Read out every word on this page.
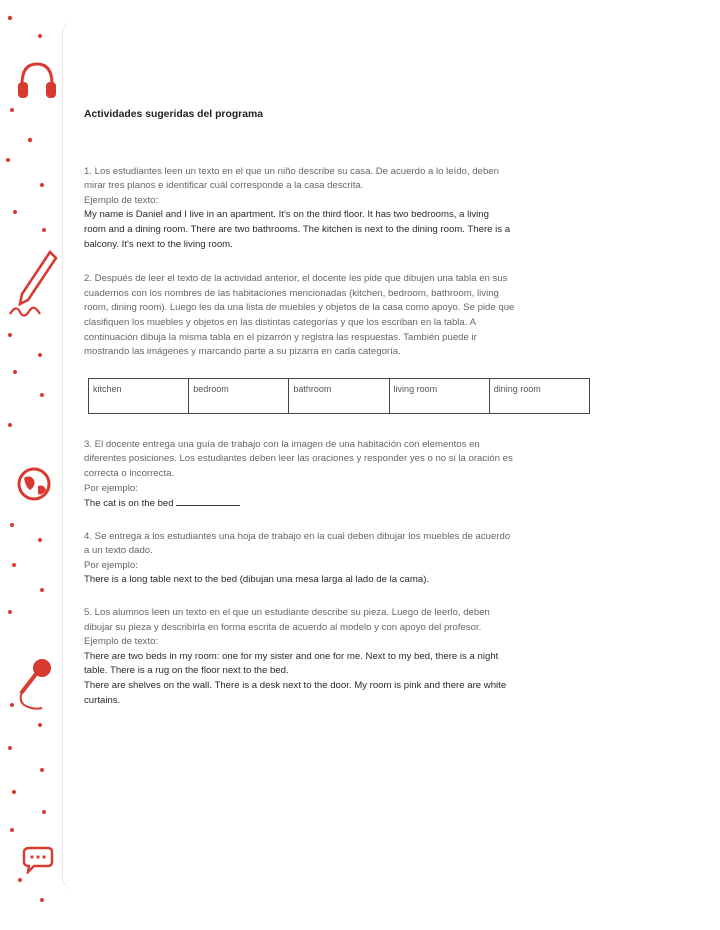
Actividades sugeridas del programa

1. Los estudiantes leen un texto en el que un niño describe su casa. De acuerdo a lo leído, deben

mirar tres planos e identificar cuál corresponde a la casa descrita.

Ejemplo de texto:

My name is Daniel and I live in an apartment. It's on the third floor. It has two bedrooms, a living

room and a dining room. There are two bathrooms. The kitchen is next to the dining room. There is a

balcony. It's next to the living room.

2. Después de leer el texto de la actividad anterior, el docente les pide que dibujen una tabla en sus

cuadernos con los nombres de las habitaciones mencionadas (kitchen, bedroom, bathroom, living

room, dining room). Luego les da una lista de muebles y objetos de la casa como apoyo. Se pide que

clasifiquen los muebles y objetos en las distintas categorías y que los escriban en la tabla. A

continuación dibuja la misma tabla en el pizarrón y registra las respuestas. También puede ir

mostrando las imágenes y marcando parte a su pizarra en cada categoría.

kitchen	bedroom	bathroom	living room	dining room

3. El docente entrega una guía de trabajo con la imagen de una habitación con elementos en

diferentes posiciones. Los estudiantes deben leer las oraciones y responder yes o no si la oración es

correcta o incorrecta.

Por ejemplo:

The cat is on the bed

4. Se entrega a los estudiantes una hoja de trabajo en la cual deben dibujar los muebles de acuerdo

a un texto dado.

Por ejemplo:

There is a long table next to the bed (dibujan una mesa larga al lado de la cama).

5. Los alumnos leen un texto en el que un estudiante describe su pieza. Luego de leerlo, deben

dibujar su pieza y describirla en forma escrita de acuerdo al modelo y con apoyo del profesor.

Ejemplo de texto:

There are two beds in my room: one for my sister and one for me. Next to my bed, there is a night

table. There is a rug on the floor next to the bed.

There are shelves on the wall. There is a desk next to the door. My room is pink and there are white

curtains.
